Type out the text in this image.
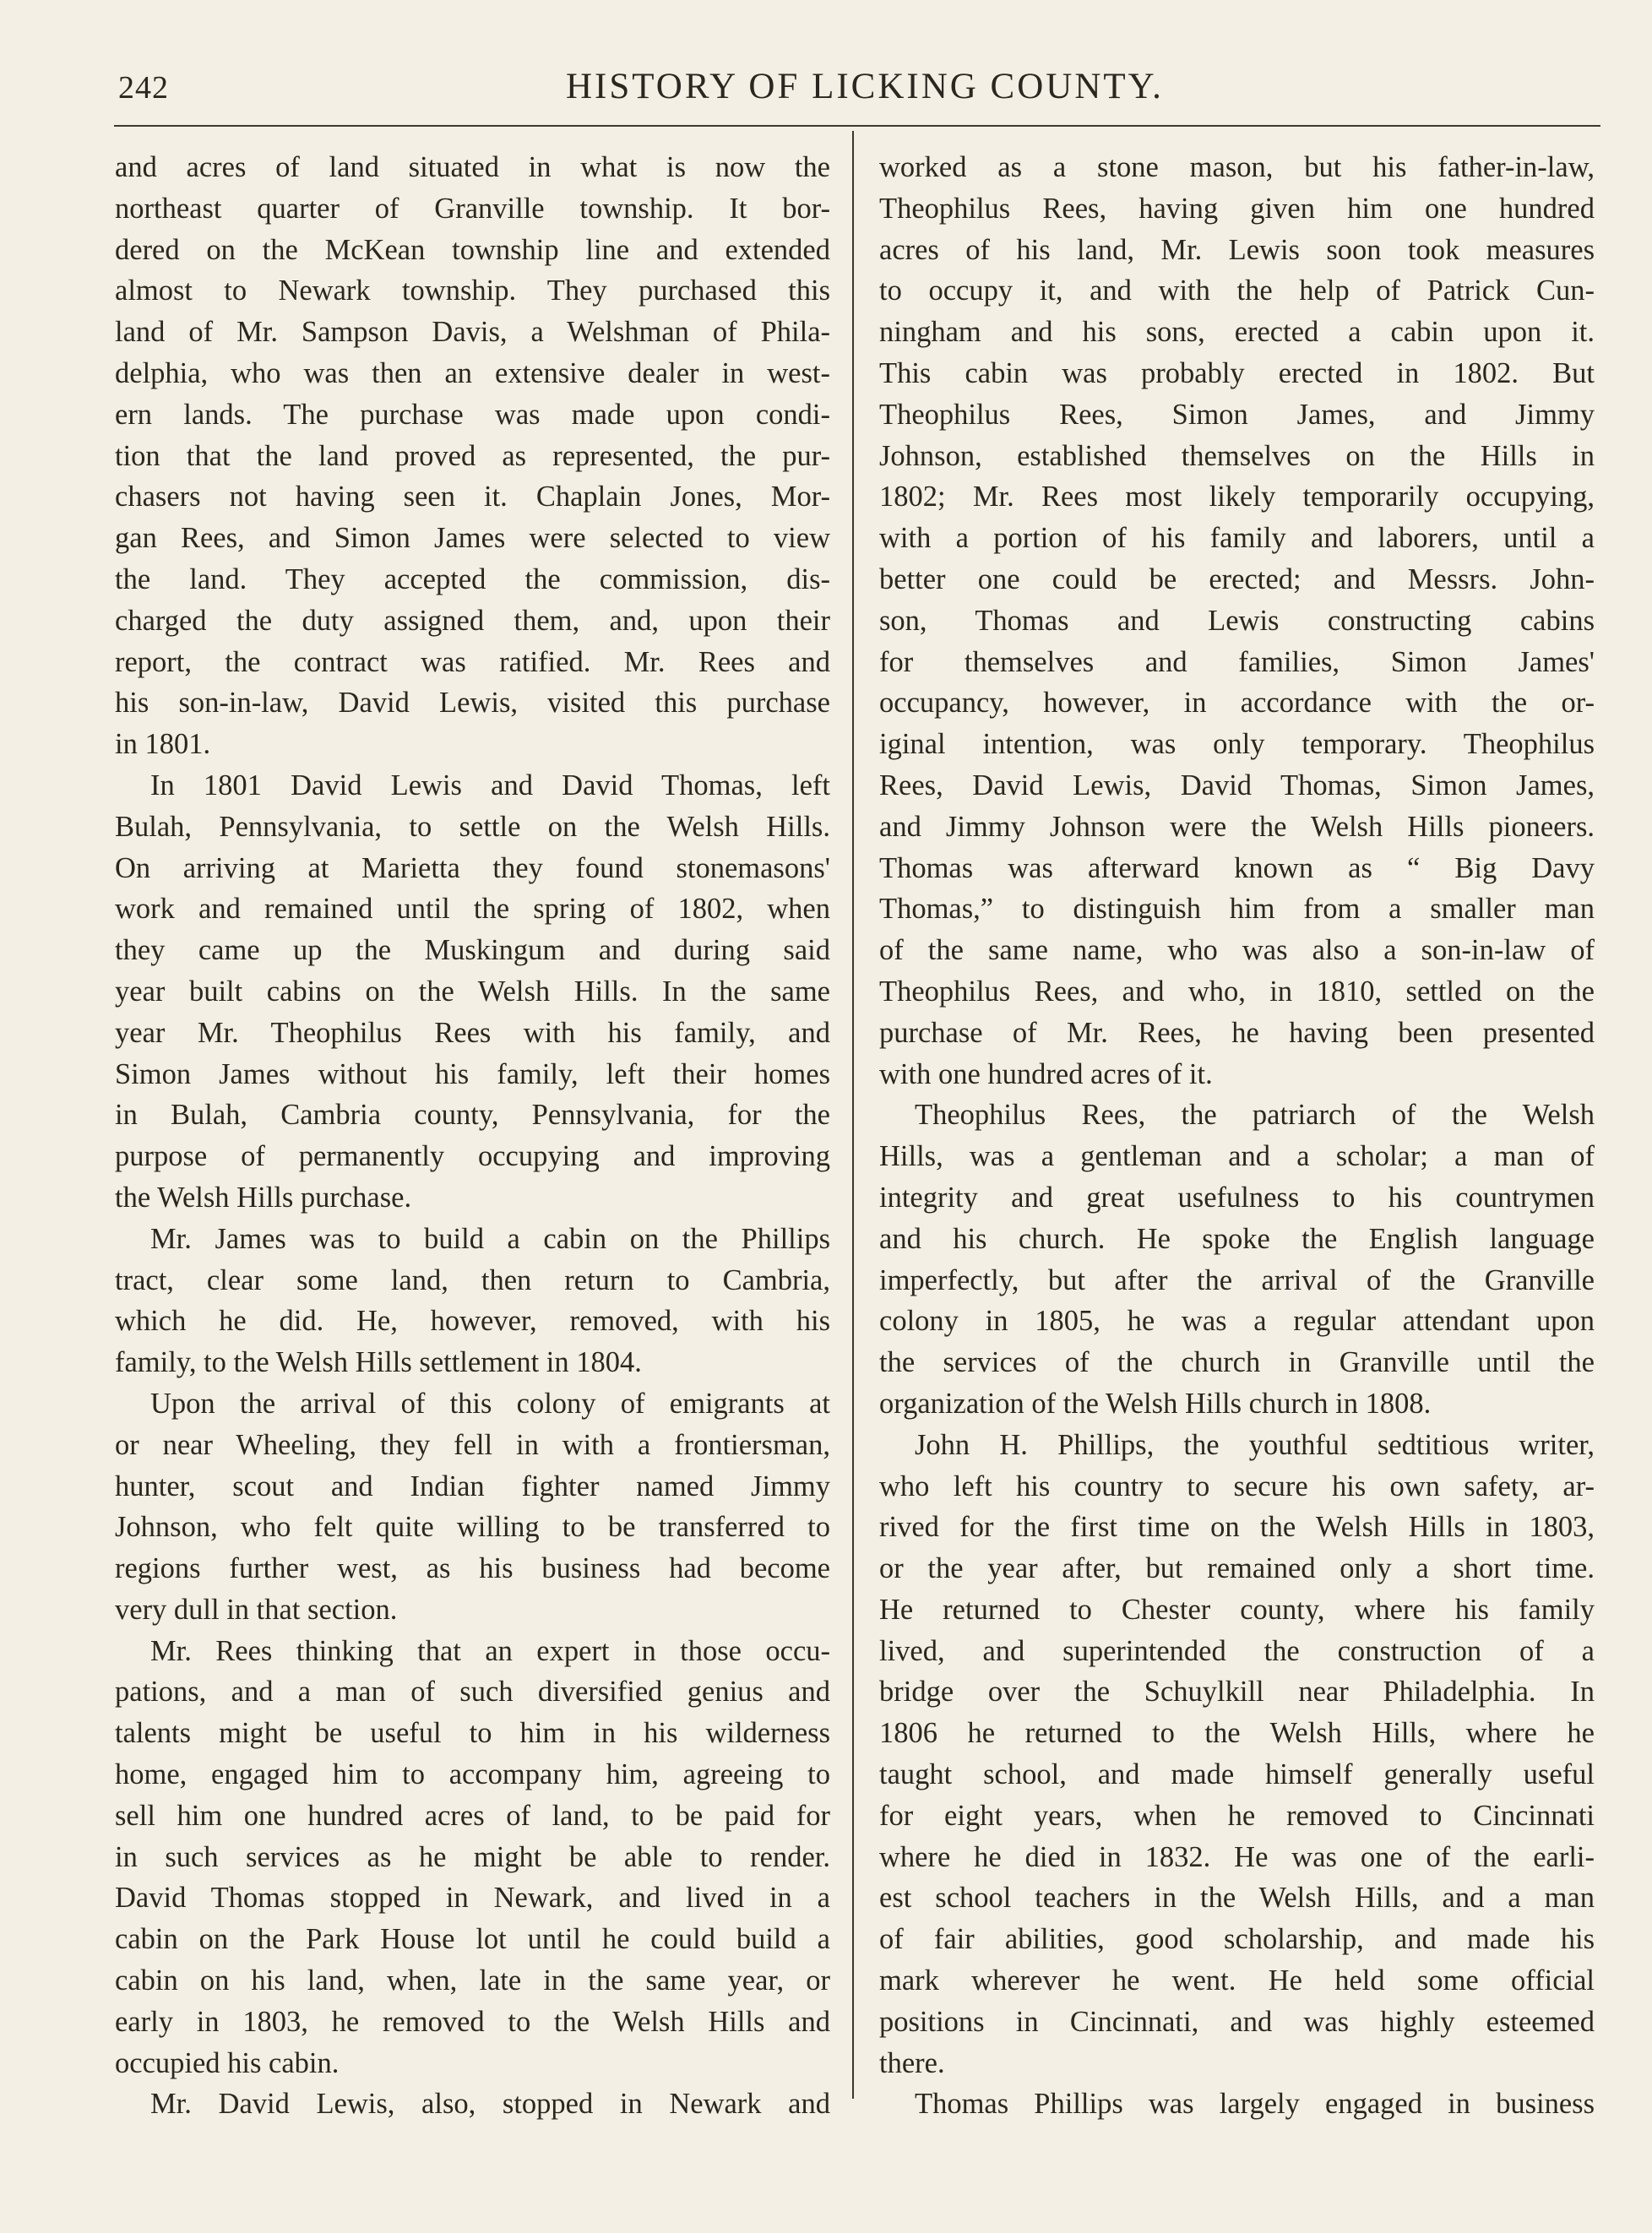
242	HISTORY OF LICKING COUNTY.
and acres of land situated in what is now the
northeast quarter of Granville township. It bor-
dered on the McKean township line and extended
almost to Newark township. They purchased this
land of Mr. Sampson Davis, a Welshman of Phila-
delphia, who was then an extensive dealer in west-
ern lands. The purchase was made upon condi-
tion that the land proved as represented, the pur-
chasers not having seen it. Chaplain Jones, Mor-
gan Rees, and Simon James were selected to view
the land. They accepted the commission, dis-
charged the duty assigned them, and, upon their
report, the contract was ratified. Mr. Rees and
his son-in-law, David Lewis, visited this purchase
in 1801.
In 1801 David Lewis and David Thomas, left
Bulah, Pennsylvania, to settle on the Welsh Hills.
On arriving at Marietta they found stonemasons'
work and remained until the spring of 1802, when
they came up the Muskingum and during said
year built cabins on the Welsh Hills. In the same
year Mr. Theophilus Rees with his family, and
Simon James without his family, left their homes
in Bulah, Cambria county, Pennsylvania, for the
purpose of permanently occupying and improving
the Welsh Hills purchase.
Mr. James was to build a cabin on the Phillips
tract, clear some land, then return to Cambria,
which he did. He, however, removed, with his
family, to the Welsh Hills settlement in 1804.
Upon the arrival of this colony of emigrants at
or near Wheeling, they fell in with a frontiersman,
hunter, scout and Indian fighter named Jimmy
Johnson, who felt quite willing to be transferred to
regions further west, as his business had become
very dull in that section.
Mr. Rees thinking that an expert in those occu-
pations, and a man of such diversified genius and
talents might be useful to him in his wilderness
home, engaged him to accompany him, agreeing to
sell him one hundred acres of land, to be paid for
in such services as he might be able to render.
David Thomas stopped in Newark, and lived in a
cabin on the Park House lot until he could build a
cabin on his land, when, late in the same year, or
early in 1803, he removed to the Welsh Hills and
occupied his cabin.
Mr. David Lewis, also, stopped in Newark and
worked as a stone mason, but his father-in-law,
Theophilus Rees, having given him one hundred
acres of his land, Mr. Lewis soon took measures
to occupy it, and with the help of Patrick Cun-
ningham and his sons, erected a cabin upon it.
This cabin was probably erected in 1802. But
Theophilus Rees, Simon James, and Jimmy
Johnson, established themselves on the Hills in
1802; Mr. Rees most likely temporarily occupying,
with a portion of his family and laborers, until a
better one could be erected; and Messrs. John-
son, Thomas and Lewis constructing cabins
for themselves and families, Simon James'
occupancy, however, in accordance with the or-
iginal intention, was only temporary. Theophilus
Rees, David Lewis, David Thomas, Simon James,
and Jimmy Johnson were the Welsh Hills pioneers.
Thomas was afterward known as “ Big Davy
Thomas,” to distinguish him from a smaller man
of the same name, who was also a son-in-law of
Theophilus Rees, and who, in 1810, settled on the
purchase of Mr. Rees, he having been presented
with one hundred acres of it.
Theophilus Rees, the patriarch of the Welsh
Hills, was a gentleman and a scholar; a man of
integrity and great usefulness to his countrymen
and his church. He spoke the English language
imperfectly, but after the arrival of the Granville
colony in 1805, he was a regular attendant upon
the services of the church in Granville until the
organization of the Welsh Hills church in 1808.
John H. Phillips, the youthful sedtitious writer,
who left his country to secure his own safety, ar-
rived for the first time on the Welsh Hills in 1803,
or the year after, but remained only a short time.
He returned to Chester county, where his family
lived, and superintended the construction of a
bridge over the Schuylkill near Philadelphia. In
1806 he returned to the Welsh Hills, where he
taught school, and made himself generally useful
for eight years, when he removed to Cincinnati
where he died in 1832. He was one of the earli-
est school teachers in the Welsh Hills, and a man
of fair abilities, good scholarship, and made his
mark wherever he went. He held some official
positions in Cincinnati, and was highly esteemed
there.
Thomas Phillips was largely engaged in business
